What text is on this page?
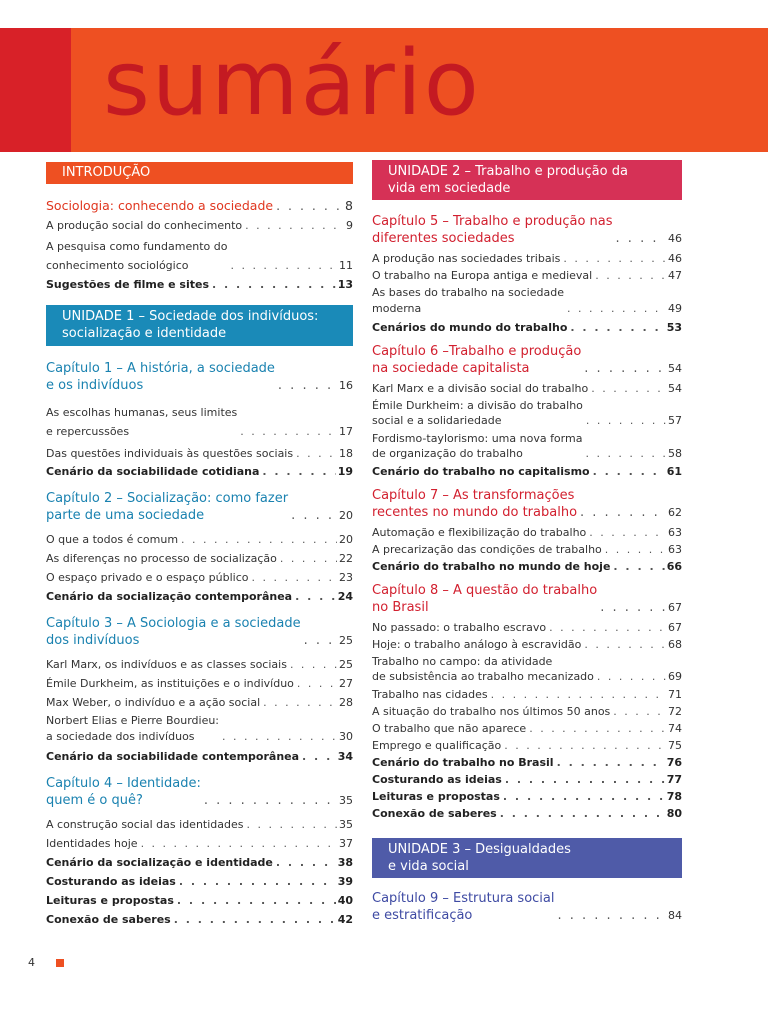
sumário
INTRODUÇÃO
Sociologia: conhecendo a sociedade . . .	8
A produção social do conhecimento . . .	9
A pesquisa como fundamento do
conhecimento sociológico . . .	11
Sugestões de filme e sites . . .	13
UNIDADE 1 – Sociedade dos indivíduos:
socialização e identidade
Capítulo 1 – A história, a sociedade
e os indivíduos . . .	16
As escolhas humanas, seus limites
e repercussões . . .	17
Das questões individuais às questões sociais . . .	18
Cenário da sociabilidade cotidiana . . .	19
Capítulo 2 – Socialização: como fazer
parte de uma sociedade . . .	20
O que a todos é comum . . .	20
As diferenças no processo de socialização . . .	22
O espaço privado e o espaço público . . .	23
Cenário da socialização contemporânea . . .	24
Capítulo 3 – A Sociologia e a sociedade
dos indivíduos . . .	25
Karl Marx, os indivíduos e as classes sociais . . .	25
Émile Durkheim, as instituições e o indivíduo . . .	27
Max Weber, o indivíduo e a ação social . . .	28
Norbert Elias e Pierre Bourdieu:
a sociedade dos indivíduos . . .	30
Cenário da sociabilidade contemporânea . . .	34
Capítulo 4 – Identidade:
quem é o quê? . . .	35
A construção social das identidades . . .	35
Identidades hoje . . .	37
Cenário da socialização e identidade . . .	38
Costurando as ideias . . .	39
Leituras e propostas . . .	40
Conexão de saberes . . .	42
UNIDADE 2 – Trabalho e produção da
vida em sociedade
Capítulo 5 – Trabalho e produção nas
diferentes sociedades . . .	46
A produção nas sociedades tribais . . .	46
O trabalho na Europa antiga e medieval . . .	47
As bases do trabalho na sociedade
moderna . . .	49
Cenários do mundo do trabalho . . .	53
Capítulo 6 –Trabalho e produção
na sociedade capitalista . . .	54
Karl Marx e a divisão social do trabalho . . .	54
Émile Durkheim: a divisão do trabalho
social e a solidariedade . . .	57
Fordismo-taylorismo: uma nova forma
de organização do trabalho . . .	58
Cenário do trabalho no capitalismo . . .	61
Capítulo 7 – As transformações
recentes no mundo do trabalho . . .	62
Automação e flexibilização do trabalho . . .	63
A precarização das condições de trabalho . . .	63
Cenário do trabalho no mundo de hoje . . .	66
Capítulo 8 – A questão do trabalho
no Brasil . . .	67
No passado: o trabalho escravo . . .	67
Hoje: o trabalho análogo à escravidão . . .	68
Trabalho no campo: da atividade
de subsistência ao trabalho mecanizado . . .	69
Trabalho nas cidades . . .	71
A situação do trabalho nos últimos 50 anos . . .	72
O trabalho que não aparece . . .	74
Emprego e qualificação . . .	75
Cenário do trabalho no Brasil . . .	76
Costurando as ideias . . .	77
Leituras e propostas . . .	78
Conexão de saberes . . .	80
UNIDADE 3 – Desigualdades
e vida social
Capítulo 9 – Estrutura social
e estratificação . . .	84
4
